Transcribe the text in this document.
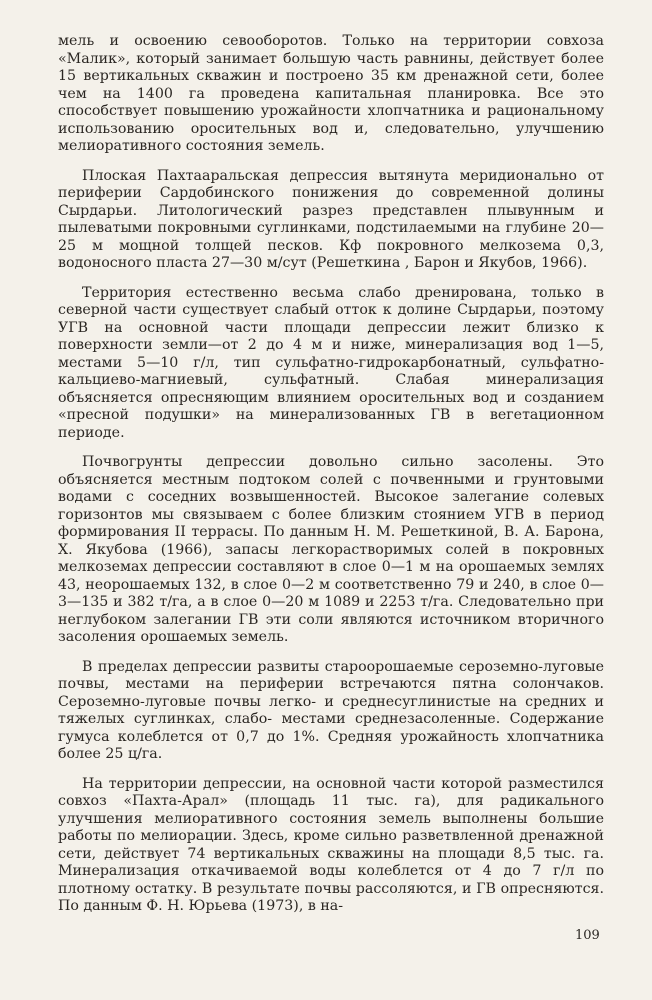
мель и освоению севооборотов. Только на территории совхоза «Малик», который занимает большую часть равнины, действует более 15 вертикальных скважин и построено 35 км дренажной сети, более чем на 1400 га проведена капитальная планировка. Все это способствует повышению урожайности хлопчатника и рациональному использованию оросительных вод и, следовательно, улучшению мелиоративного состояния земель.

Плоская Пахтааральская депрессия вытянута меридионально от периферии Сардобинского понижения до современной долины Сырдарьи. Литологический разрез представлен плывунным и пылеватыми покровными суглинками, подстилаемыми на глубине 20—25 м мощной толщей песков. Кф покровного мелкозема 0,3, водоносного пласта 27—30 м/сут (Решеткина , Барон и Якубов, 1966).

Территория естественно весьма слабо дренирована, только в северной части существует слабый отток к долине Сырдарьи, поэтому УГВ на основной части площади депрессии лежит близко к поверхности земли—от 2 до 4 м и ниже, минерализация вод 1—5, местами 5—10 г/л, тип сульфатно-гидрокарбонатный, сульфатно-кальциево-магниевый, сульфатный. Слабая минерализация объясняется опресняющим влиянием оросительных вод и созданием «пресной подушки» на минерализованных ГВ в вегетационном периоде.

Почвогрунты депрессии довольно сильно засолены. Это объясняется местным подтоком солей с почвенными и грунтовыми водами с соседних возвышенностей. Высокое залегание солевых горизонтов мы связываем с более близким стоянием УГВ в период формирования II террасы. По данным Н. М. Решеткиной, В. А. Барона, Х. Якубова (1966), запасы легкорастворимых солей в покровных мелкоземах депрессии составляют в слое 0—1 м на орошаемых землях 43, неорошаемых 132, в слое 0—2 м соответственно 79 и 240, в слое 0—3—135 и 382 т/га, а в слое 0—20 м 1089 и 2253 т/га. Следовательно при неглубоком залегании ГВ эти соли являются источником вторичного засоления орошаемых земель.

В пределах депрессии развиты староорошаемые сероземно-луговые почвы, местами на периферии встречаются пятна солончаков. Сероземно-луговые почвы легко- и среднесуглинистые на средних и тяжелых суглинках, слабо- местами среднезасоленные. Содержание гумуса колеблется от 0,7 до 1%. Средняя урожайность хлопчатника более 25 ц/га.

На территории депрессии, на основной части которой разместился совхоз «Пахта-Арал» (площадь 11 тыс. га), для радикального улучшения мелиоративного состояния земель выполнены большие работы по мелиорации. Здесь, кроме сильно разветвленной дренажной сети, действует 74 вертикальных скважины на площади 8,5 тыс. га. Минерализация откачиваемой воды колеблется от 4 до 7 г/л по плотному остатку. В результате почвы рассоляются, и ГВ опресняются. По данным Ф. Н. Юрьева (1973), в на-

109
